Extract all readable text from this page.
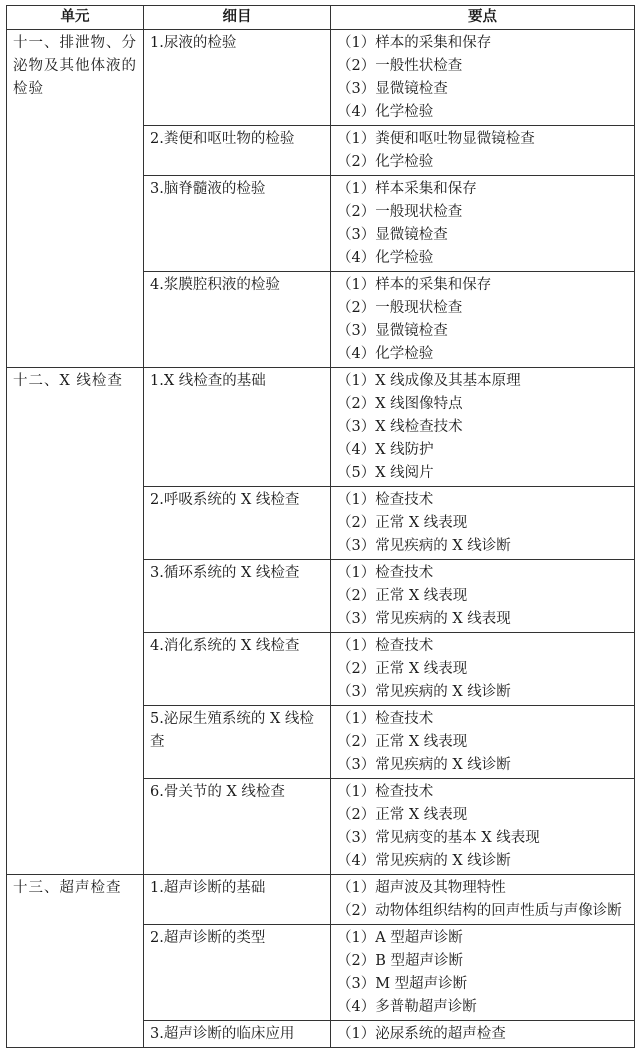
单元	细目	要点
十一、排泄物、分泌物及其他体液的检验	1.尿液的检验	（1）样本的采集和保存
（2）一般性状检查
（3）显微镜检查
（4）化学检验

	2.粪便和呕吐物的检验	（1）粪便和呕吐物显微镜检查
（2）化学检验

	3.脑脊髓液的检验	（1）样本采集和保存
（2）一般现状检查
（3）显微镜检查
（4）化学检验

	4.浆膜腔积液的检验	（1）样本的采集和保存
（2）一般现状检查
（3）显微镜检查
（4）化学检验

十二、X 线检查	1.X 线检查的基础	（1）X 线成像及其基本原理
（2）X 线图像特点
（3）X 线检查技术
（4）X 线防护
（5）X 线阅片

	2.呼吸系统的 X 线检查	（1）检查技术
（2）正常 X 线表现
（3）常见疾病的 X 线诊断

	3.循环系统的 X 线检查	（1）检查技术
（2）正常 X 线表现
（3）常见疾病的 X 线表现

	4.消化系统的 X 线检查	（1）检查技术
（2）正常 X 线表现
（3）常见疾病的 X 线诊断

	5.泌尿生殖系统的 X 线检查	（1）检查技术
（2）正常 X 线表现
（3）常见疾病的 X 线诊断

	6.骨关节的 X 线检查	（1）检查技术
（2）正常 X 线表现
（3）常见病变的基本 X 线表现
（4）常见疾病的 X 线诊断

十三、超声检查	1.超声诊断的基础	（1）超声波及其物理特性
（2）动物体组织结构的回声性质与声像诊断

	2.超声诊断的类型	（1）A 型超声诊断
（2）B 型超声诊断
（3）M 型超声诊断
（4）多普勒超声诊断

	3.超声诊断的临床应用	（1）泌尿系统的超声检查
